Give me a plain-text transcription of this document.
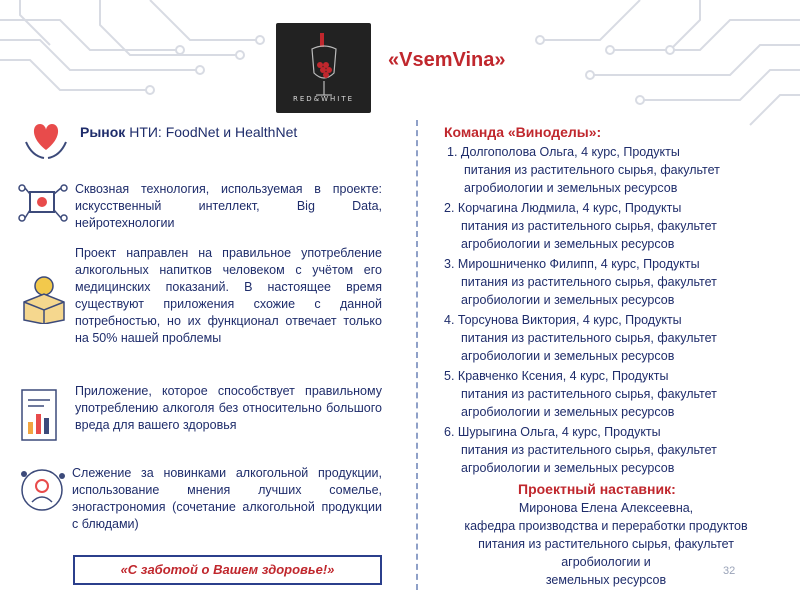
RED&WHITE
«VsemVina»
Рынок НТИ: FoodNet и HealthNet
Сквозная технология, используемая в проекте: искусственный интеллект, Big Data, нейротехнологии
Проект направлен на правильное употребление алкогольных напитков человеком с учётом его медицинских показаний. В настоящее время существуют приложения схожие с данной потребностью, но их функционал отвечает только на 50% нашей проблемы
Приложение, которое способствует правильному употреблению алкоголя без относительно большого вреда для вашего здоровья
Слежение за новинками алкогольной продукции, использование мнения лучших сомелье, эногастрономия (сочетание алкогольной продукции с блюдами)
«С заботой о Вашем здоровье!»
Команда «Виноделы»:
1. Долгополова Ольга, 4 курс, Продукты
питания из растительного сырья, факультет
агробиологии и земельных ресурсов
2. Корчагина Людмила, 4 курс, Продукты
питания из растительного сырья, факультет
агробиологии и земельных ресурсов
3. Мирошниченко Филипп, 4 курс, Продукты
питания из растительного сырья, факультет
агробиологии и земельных ресурсов
4. Торсунова Виктория, 4 курс, Продукты
питания из растительного сырья, факультет
агробиологии и земельных ресурсов
5. Кравченко Ксения, 4 курс, Продукты
питания из растительного сырья, факультет
агробиологии и земельных ресурсов
6. Шурыгина Ольга, 4 курс, Продукты
питания из растительного сырья, факультет
агробиологии и земельных ресурсов
Проектный наставник:
Миронова Елена Алексеевна,
кафедра производства и переработки продуктов
питания из растительного сырья, факультет
агробиологии и
земельных ресурсов
32
